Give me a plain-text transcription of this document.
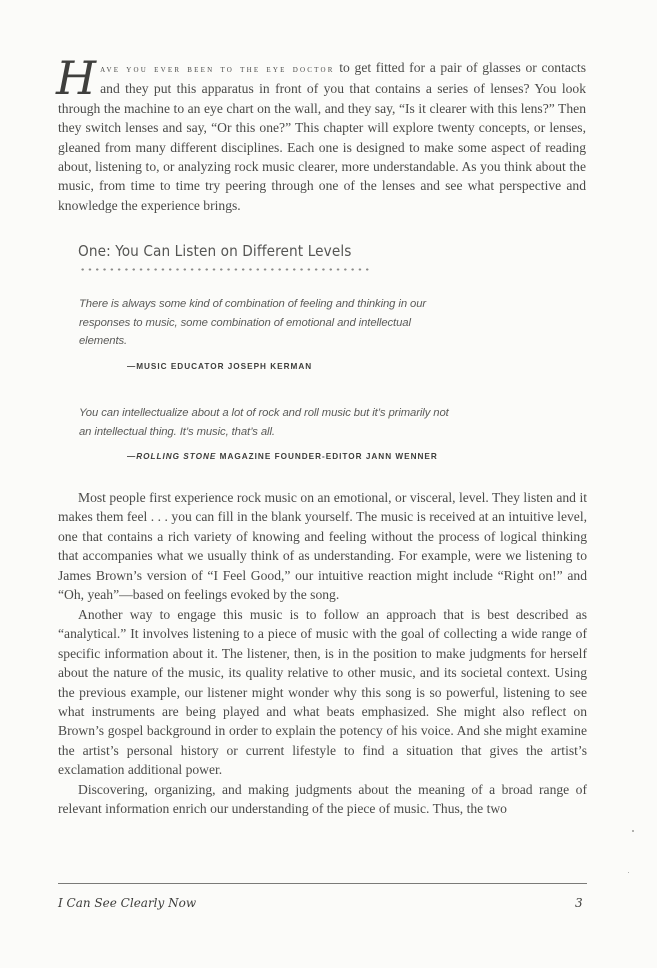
Have you ever been to the eye doctor to get fitted for a pair of glasses or contacts and they put this apparatus in front of you that contains a series of lenses? You look through the machine to an eye chart on the wall, and they say, “Is it clearer with this lens?” Then they switch lenses and say, “Or this one?” This chapter will explore twenty concepts, or lenses, gleaned from many different disciplines. Each one is designed to make some aspect of reading about, listening to, or analyzing rock music clearer, more understandable. As you think about the music, from time to time try peering through one of the lenses and see what perspective and knowledge the experience brings.

One: You Can Listen on Different Levels

There is always some kind of combination of feeling and thinking in our responses to music, some combination of emotional and intellectual elements.

—MUSIC EDUCATOR JOSEPH KERMAN

You can intellectualize about a lot of rock and roll music but it’s primarily not an intellectual thing. It’s music, that’s all.

—ROLLING STONE MAGAZINE FOUNDER-EDITOR JANN WENNER

Most people first experience rock music on an emotional, or visceral, level. They listen and it makes them feel . . . you can fill in the blank yourself. The music is received at an intuitive level, one that contains a rich variety of knowing and feeling without the process of logical thinking that accompanies what we usually think of as understanding. For example, were we listening to James Brown’s version of “I Feel Good,” our intuitive reaction might include “Right on!” and “Oh, yeah”—based on feelings evoked by the song.

Another way to engage this music is to follow an approach that is best described as “analytical.” It involves listening to a piece of music with the goal of collecting a wide range of specific information about it. The listener, then, is in the position to make judgments for herself about the nature of the music, its quality relative to other music, and its societal context. Using the previous example, our listener might wonder why this song is so powerful, listening to see what instruments are being played and what beats emphasized. She might also reflect on Brown’s gospel background in order to explain the potency of his voice. And she might examine the artist’s personal history or current lifestyle to find a situation that gives the artist’s exclamation additional power.

Discovering, organizing, and making judgments about the meaning of a broad range of relevant information enrich our understanding of the piece of music. Thus, the two

I Can See Clearly Now	3
